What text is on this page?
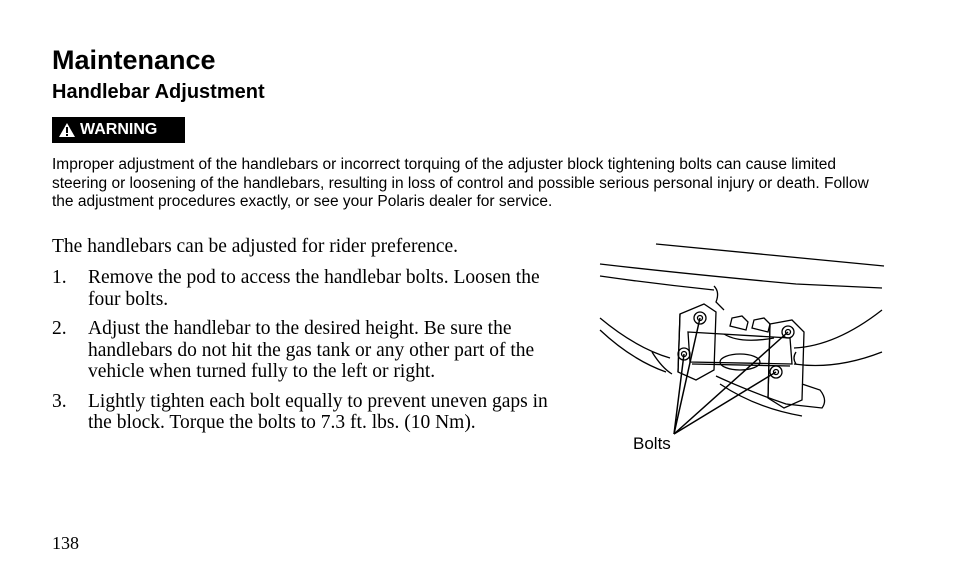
Maintenance
Handlebar Adjustment
WARNING

Improper adjustment of the handlebars or incorrect torquing of the adjuster block tightening bolts can cause limited steering or loosening of the handlebars, resulting in loss of control and possible serious personal injury or death. Follow the adjustment procedures exactly, or see your Polaris dealer for service.

The handlebars can be adjusted for rider preference.

1.	Remove the pod to access the handlebar bolts. Loosen the four bolts.
2.	Adjust the handlebar to the desired height. Be sure the handlebars do not hit the gas tank or any other part of the vehicle when turned fully to the left or right.
3.	Lightly tighten each bolt equally to prevent uneven gaps in the block. Torque the bolts to 7.3 ft. lbs. (10 Nm).

Bolts

138
